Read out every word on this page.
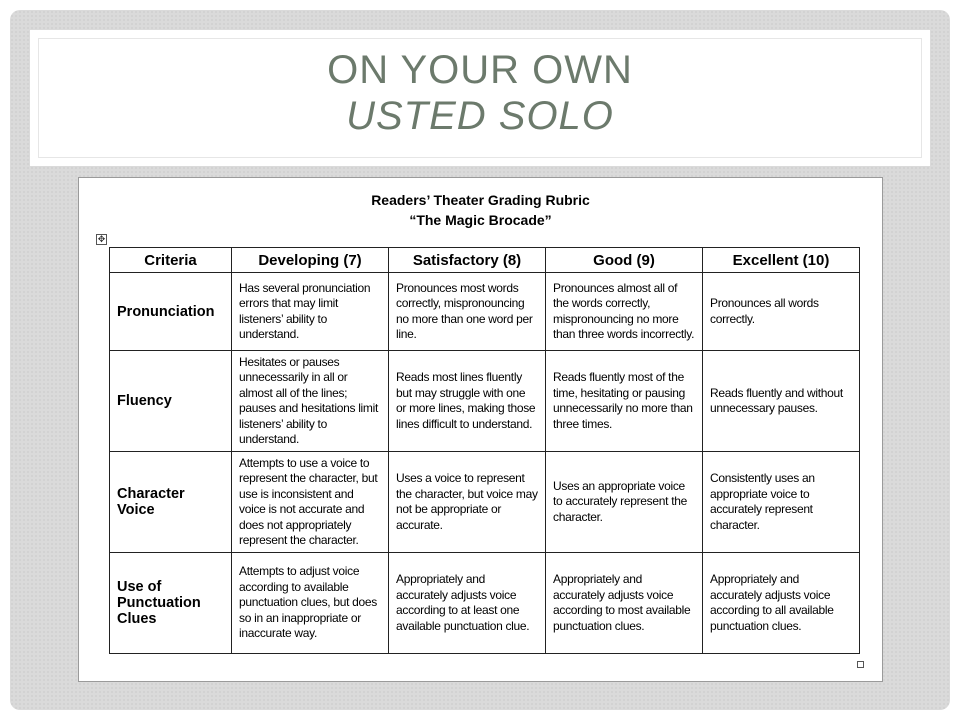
ON YOUR OWN
USTED SOLO
Readers’ Theater Grading Rubric
“The Magic Brocade”
✥
Criteria	Developing (7)	Satisfactory (8)	Good (9)	Excellent (10)
Pronunciation	Has several pronunciation errors that may limit listeners’ ability to understand.	Pronounces most words correctly, mispronouncing no more than one word per line.	Pronounces almost all of the words correctly, mispronouncing no more than three words incorrectly.	Pronounces all words correctly.
Fluency	Hesitates or pauses unnecessarily in all or almost all of the lines; pauses and hesitations limit listeners’ ability to understand.	Reads most lines fluently but may struggle with one or more lines, making those lines difficult to understand.	Reads fluently most of the time, hesitating or pausing unnecessarily no more than three times.	Reads fluently and without unnecessary pauses.
Character Voice	Attempts to use a voice to represent the character, but use is inconsistent and voice is not accurate and does not appropriately represent the character.	Uses a voice to represent the character, but voice may not be appropriate or accurate.	Uses an appropriate voice to accurately represent the character.	Consistently uses an appropriate voice to accurately represent character.
Use of Punctuation Clues	Attempts to adjust voice according to available punctuation clues, but does so in an inappropriate or inaccurate way.	Appropriately and accurately adjusts voice according to at least one available punctuation clue.	Appropriately and accurately adjusts voice according to most available punctuation clues.	Appropriately and accurately adjusts voice according to all available punctuation clues.
